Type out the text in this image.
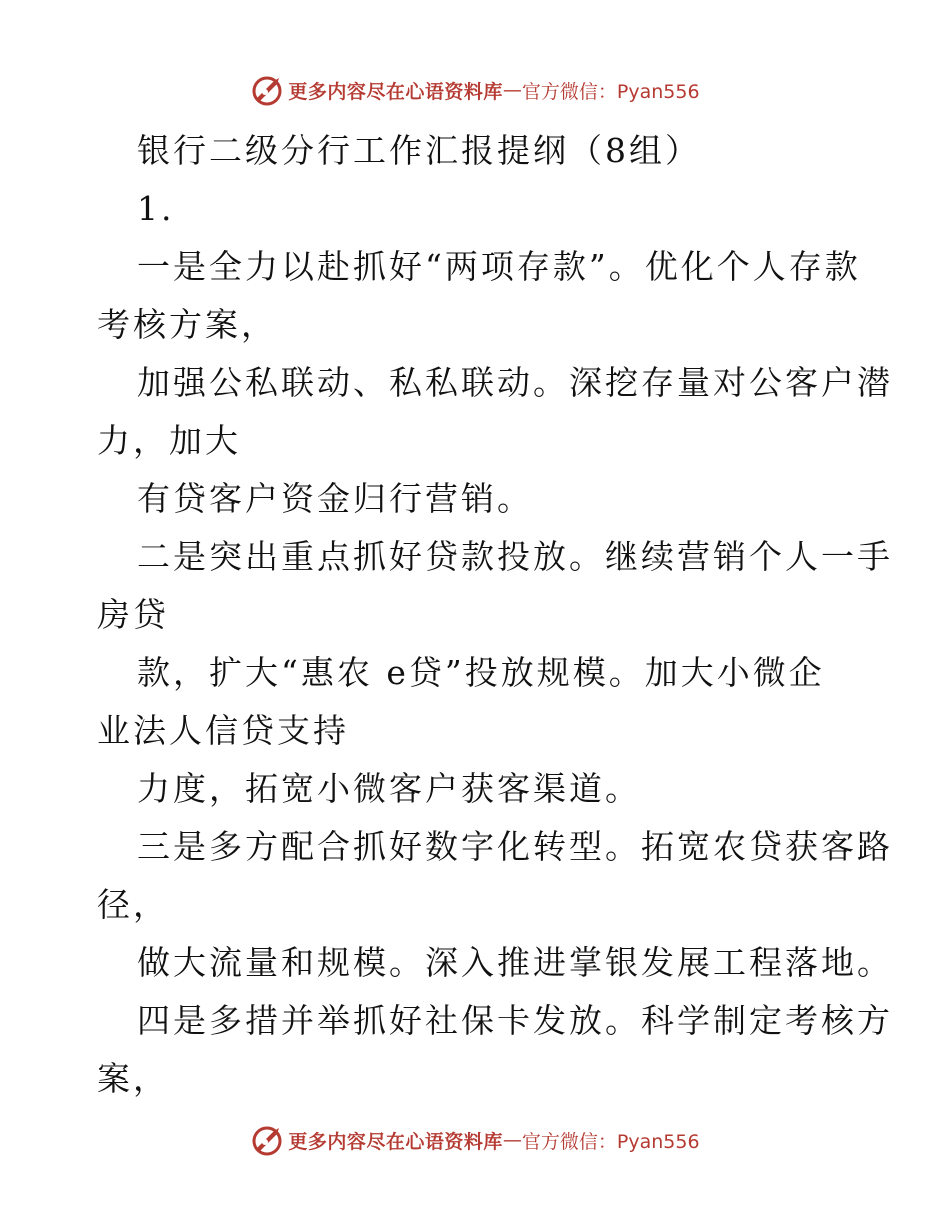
更多内容尽在心语资料库 — 官方微信：Pyan556
银行二级分行工作汇报提纲（8组）
1.
一是全力以赴抓好“两项存款”。优化个人存款
考核方案，
加强公私联动、私私联动。深挖存量对公客户潜
力，加大
有贷客户资金归行营销。
二是突出重点抓好贷款投放。继续营销个人一手
房贷
款，扩大“惠农 e贷”投放规模。加大小微企
业法人信贷支持
力度，拓宽小微客户获客渠道。
三是多方配合抓好数字化转型。拓宽农贷获客路
径，
做大流量和规模。深入推进掌银发展工程落地。
四是多措并举抓好社保卡发放。科学制定考核方
案，
更多内容尽在心语资料库 — 官方微信：Pyan556
